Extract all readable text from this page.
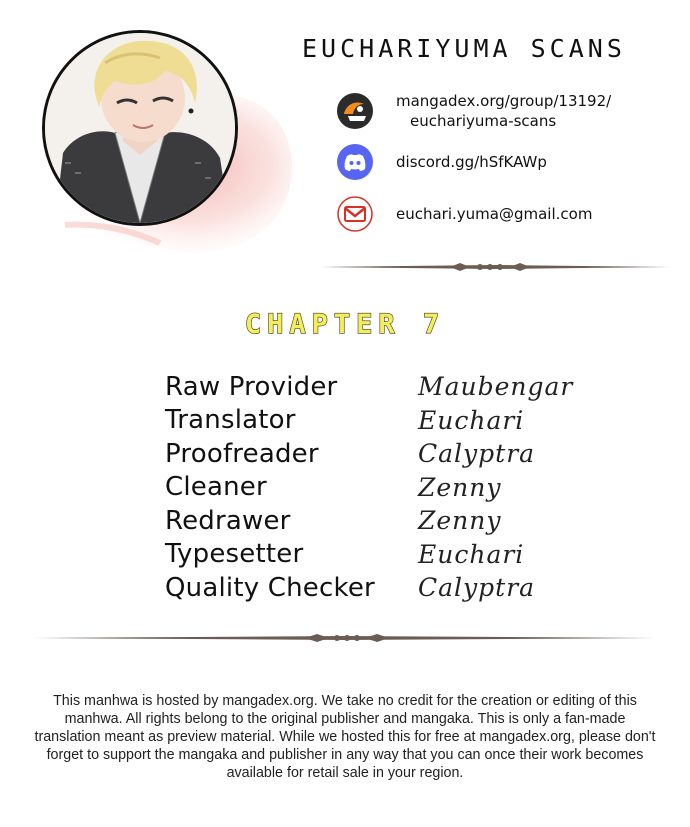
EUCHARIYUMA SCANS
mangadex.org/group/13192/
euchariyuma-scans
discord.gg/hSfKAWp
euchari.yuma@gmail.com
CHAPTER 7
Raw Provider	Maubengar
Translator	Euchari
Proofreader	Calyptra
Cleaner	Zenny
Redrawer	Zenny
Typesetter	Euchari
Quality Checker	Calyptra
This manhwa is hosted by mangadex.org. We take no credit for the creation or editing of this manhwa. All rights belong to the original publisher and mangaka. This is only a fan-made translation meant as preview material. While we hosted this for free at mangadex.org, please don't forget to support the mangaka and publisher in any way that you can once their work becomes available for retail sale in your region.
